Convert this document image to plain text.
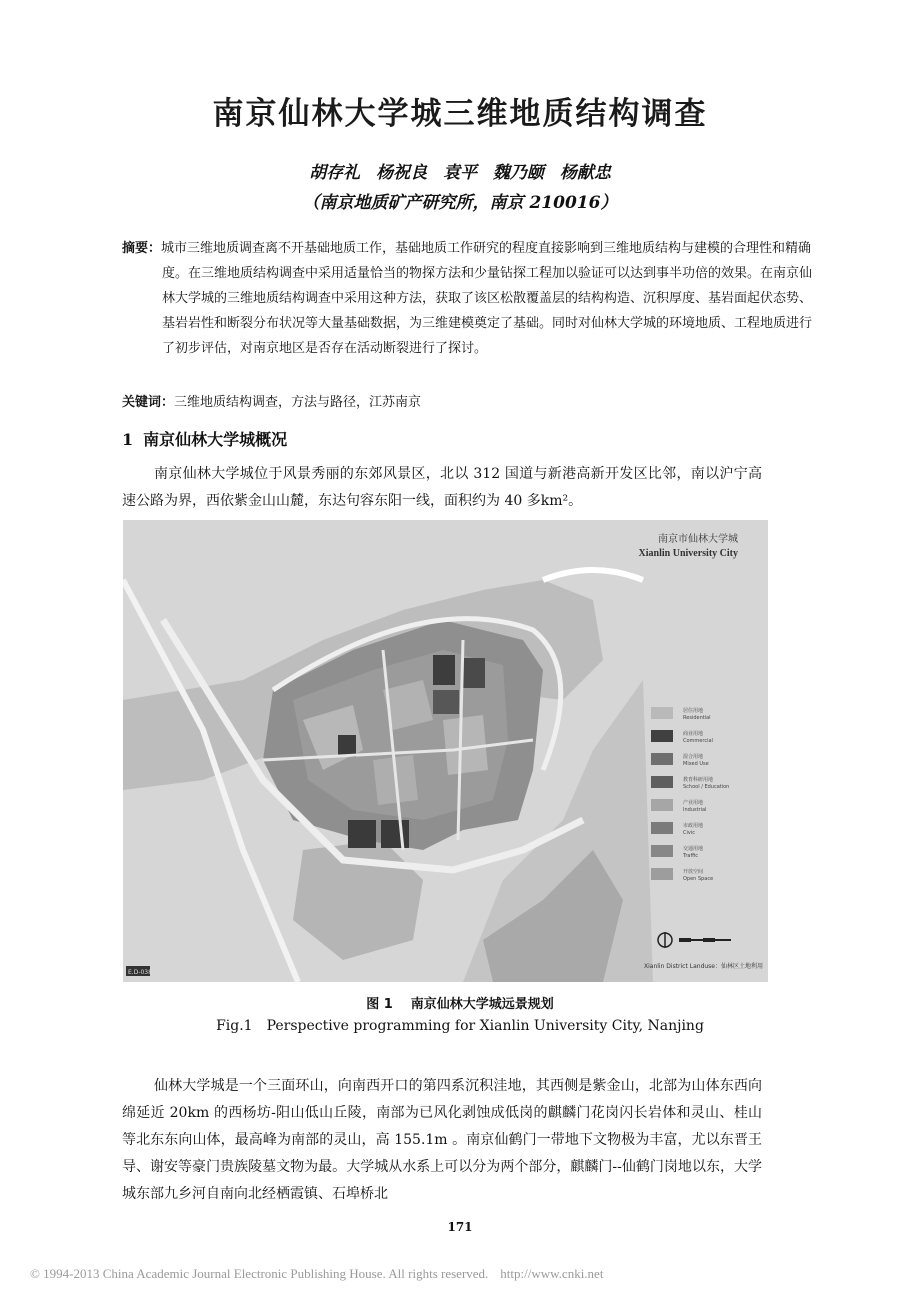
南京仙林大学城三维地质结构调查
胡存礼 杨祝良 袁平 魏乃颐 杨献忠
（南京地质矿产研究所，南京 210016）
摘要：城市三维地质调查离不开基础地质工作，基础地质工作研究的程度直接影响到三维地质结构与建模的合理性和精确度。在三维地质结构调查中采用适量恰当的物探方法和少量钻探工程加以验证可以达到事半功倍的效果。在南京仙林大学城的三维地质结构调查中采用这种方法，获取了该区松散覆盖层的结构构造、沉积厚度、基岩面起伏态势、基岩岩性和断裂分布状况等大量基础数据，为三维建模奠定了基础。同时对仙林大学城的环境地质、工程地质进行了初步评估，对南京地区是否存在活动断裂进行了探讨。
关键词：三维地质结构调查，方法与路径，江苏南京
1 南京仙林大学城概况
南京仙林大学城位于风景秀丽的东郊风景区，北以 312 国道与新港高新开发区比邻，南以沪宁高速公路为界，西依紫金山山麓，东达句容东阳一线，面积约为 40 多km²。
南京市仙林大学城
Xianlin University City
居住用地
Residential
商业用地
Commercial
混合用地
Mixed Use
教育科研用地
School / Education
产业用地
Industrial
市政用地
Civic
交通用地
Traffic
开放空间
Open Space
Xianlin District Landuse：仙林区土地利用
E.D-038
图 1 南京仙林大学城远景规划
Fig.1 Perspective programming for Xianlin University City, Nanjing
仙林大学城是一个三面环山，向南西开口的第四系沉积洼地，其西侧是紫金山，北部为山体东西向绵延近 20km 的西杨坊-阳山低山丘陵，南部为已风化剥蚀成低岗的麒麟门花岗闪长岩体和灵山、桂山等北东东向山体，最高峰为南部的灵山，高 155.1m 。南京仙鹤门一带地下文物极为丰富，尤以东晋王导、谢安等豪门贵族陵墓文物为最。大学城从水系上可以分为两个部分，麒麟门--仙鹤门岗地以东，大学城东部九乡河自南向北经栖霞镇、石埠桥北
171
© 1994-2013 China Academic Journal Electronic Publishing House. All rights reserved. http://www.cnki.net
